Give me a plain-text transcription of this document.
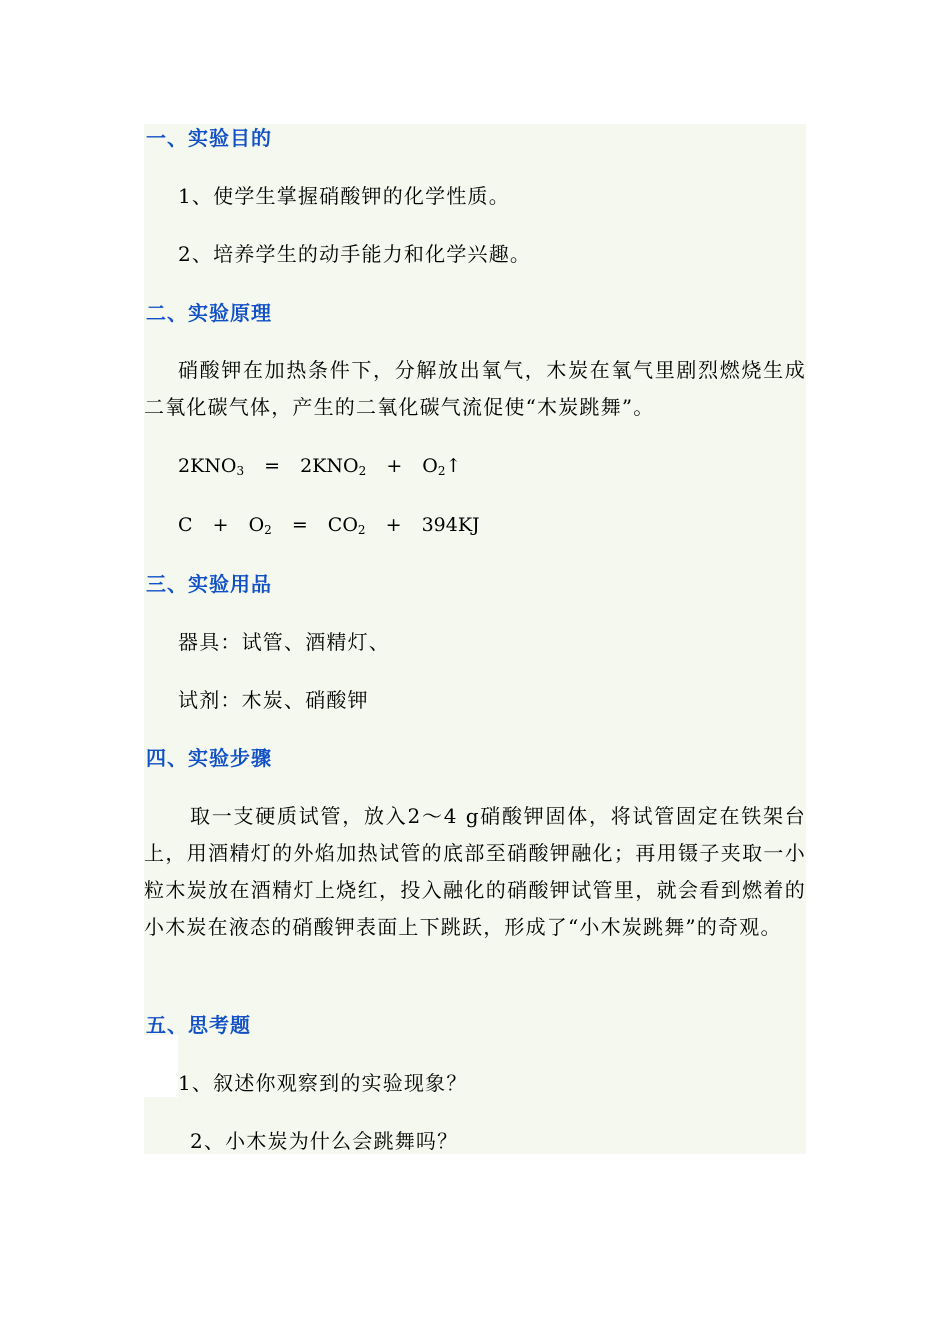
一、实验目的
1、使学生掌握硝酸钾的化学性质。
2、培养学生的动手能力和化学兴趣。
二、实验原理
硝酸钾在加热条件下，分解放出氧气，木炭在氧气里剧烈燃烧生成二氧化碳气体，产生的二氧化碳气流促使“木炭跳舞”。
$2KNO_3 = 2KNO_2$ + $O_2↑$
$C + O_2 = CO_2 + 394KJ$
三、实验用品
器具：试管、酒精灯、
试剂：木炭、硝酸钾
四、实验步骤
取一支硬质试管，放入2～4 g硝酸钾固体，将试管固定在铁架台上，用酒精灯的外焰加热试管的底部至硝酸钾融化；再用镊子夹取一小粒木炭放在酒精灯上烧红，投入融化的硝酸钾试管里，就会看到燃着的小木炭在液态的硝酸钾表面上下跳跃，形成了“小木炭跳舞”的奇观。
五、思考题
1、叙述你观察到的实验现象？
2、小木炭为什么会跳舞吗？
